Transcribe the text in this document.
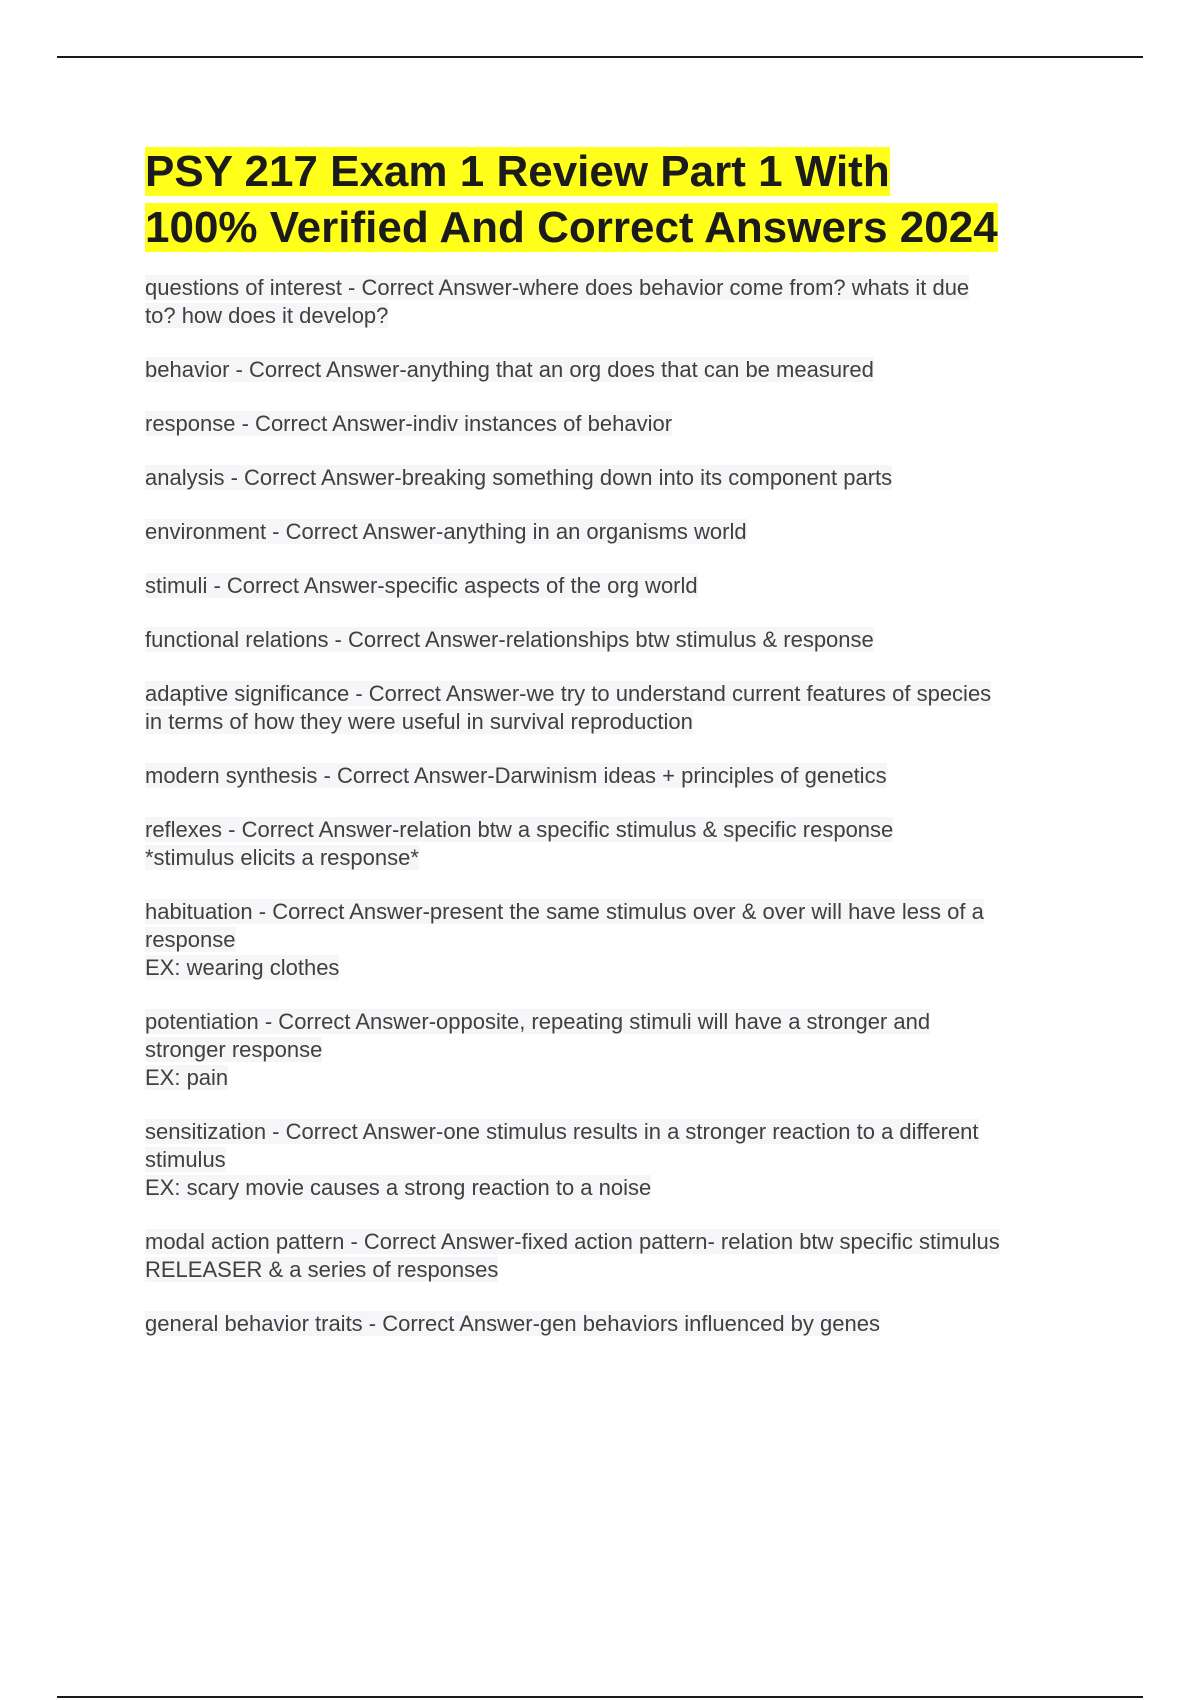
PSY 217 Exam 1 Review Part 1 With
100% Verified And Correct Answers 2024

questions of interest - Correct Answer-where does behavior come from? whats it due
to? how does it develop?

behavior - Correct Answer-anything that an org does that can be measured

response - Correct Answer-indiv instances of behavior

analysis - Correct Answer-breaking something down into its component parts

environment - Correct Answer-anything in an organisms world

stimuli - Correct Answer-specific aspects of the org world

functional relations - Correct Answer-relationships btw stimulus & response

adaptive significance - Correct Answer-we try to understand current features of species
in terms of how they were useful in survival reproduction

modern synthesis - Correct Answer-Darwinism ideas + principles of genetics

reflexes - Correct Answer-relation btw a specific stimulus & specific response
*stimulus elicits a response*

habituation - Correct Answer-present the same stimulus over & over will have less of a
response
EX: wearing clothes

potentiation - Correct Answer-opposite, repeating stimuli will have a stronger and
stronger response
EX: pain

sensitization - Correct Answer-one stimulus results in a stronger reaction to a different
stimulus
EX: scary movie causes a strong reaction to a noise

modal action pattern - Correct Answer-fixed action pattern- relation btw specific stimulus
RELEASER & a series of responses

general behavior traits - Correct Answer-gen behaviors influenced by genes
